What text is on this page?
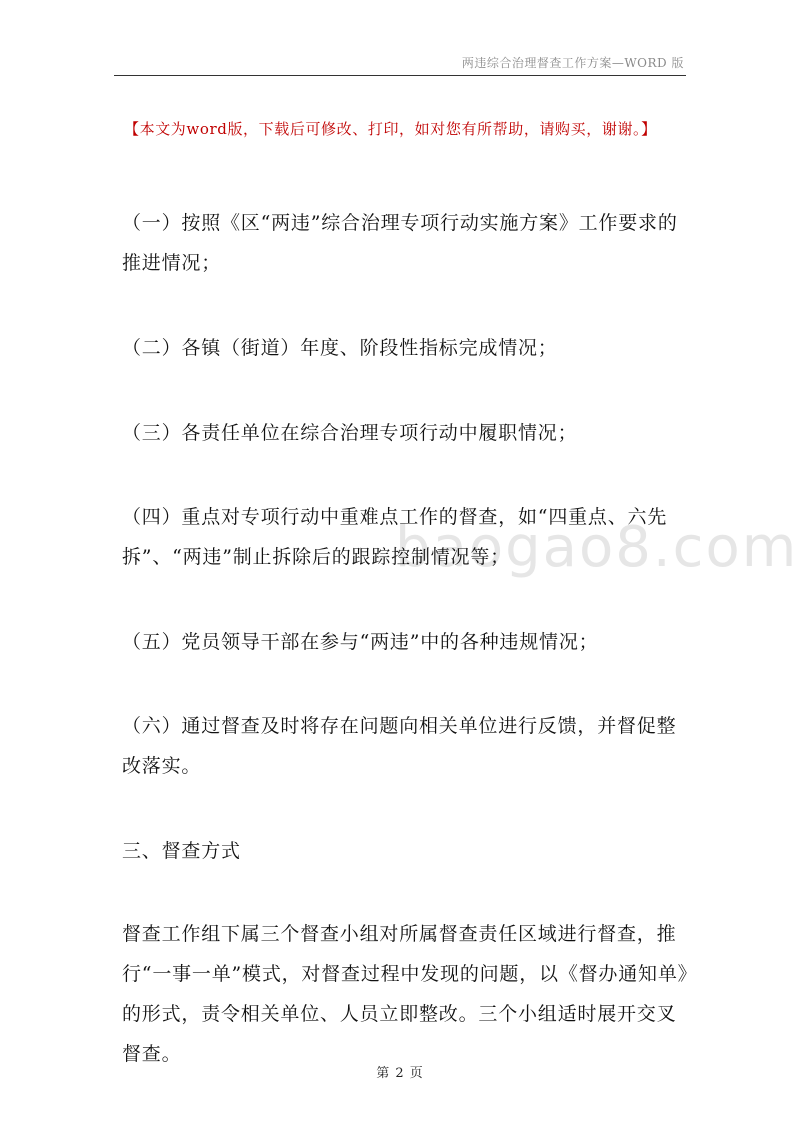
两违综合治理督查工作方案—WORD 版
【本文为word版，下载后可修改、打印，如对您有所帮助，请购买，谢谢。】
baogao8.com

（一）按照《区“两违”综合治理专项行动实施方案》工作要求的推进情况；

（二）各镇（街道）年度、阶段性指标完成情况；

（三）各责任单位在综合治理专项行动中履职情况；

（四）重点对专项行动中重难点工作的督查，如“四重点、六先拆”、“两违”制止拆除后的跟踪控制情况等；

（五）党员领导干部在参与“两违”中的各种违规情况；

（六）通过督查及时将存在问题向相关单位进行反馈，并督促整改落实。

三、督查方式

督查工作组下属三个督查小组对所属督查责任区域进行督查，推行“一事一单”模式，对督查过程中发现的问题，以《督办通知单》的形式，责令相关单位、人员立即整改。三个小组适时展开交叉督查。

第 2 页
